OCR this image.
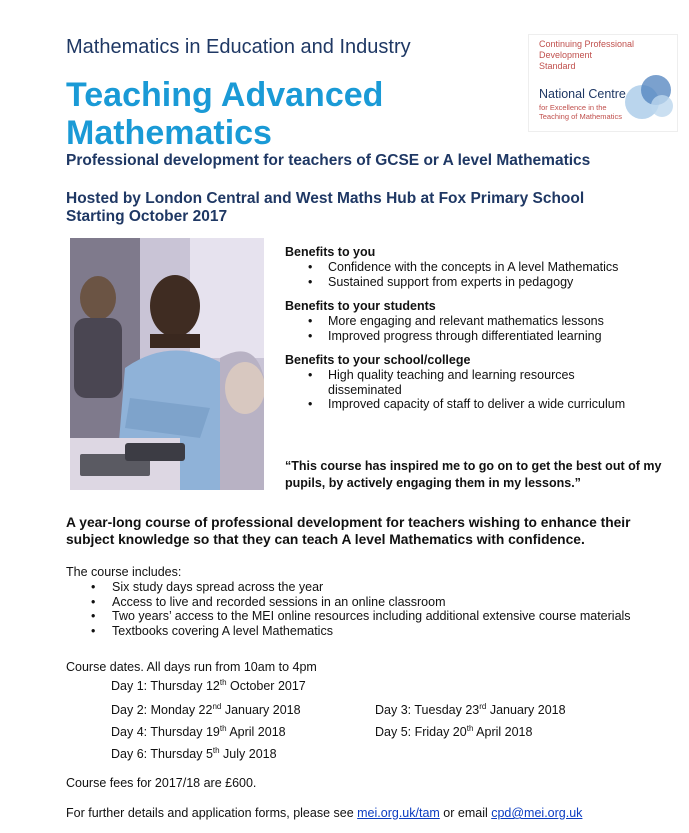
Mathematics in Education and Industry
Teaching Advanced Mathematics
Professional development for teachers of GCSE or A level Mathematics
Hosted by London Central and West Maths Hub at Fox Primary School
Starting October 2017
Continuing Professional
Development
Standard
National Centre
for Excellence in the
Teaching of Mathematics

Benefits to you

• Confidence with the concepts in A level Mathematics
• Sustained support from experts in pedagogy

Benefits to your students

• More engaging and relevant mathematics lessons
• Improved progress through differentiated learning

Benefits to your school/college

• High quality teaching and learning resources disseminated
• Improved capacity of staff to deliver a wide curriculum
“This course has inspired me to go on to get the best out of my pupils, by actively engaging them in my lessons.”
A year-long course of professional development for teachers wishing to enhance their subject knowledge so that they can teach A level Mathematics with confidence.
The course includes:
• Six study days spread across the year
• Access to live and recorded sessions in an online classroom
• Two years’ access to the MEI online resources including additional extensive course materials
• Textbooks covering A level Mathematics
Course dates. All days run from 10am to 4pm
Day 1: Thursday 12th October 2017
Day 2: Monday 22nd January 2018	Day 3: Tuesday 23rd January 2018
Day 4: Thursday 19th April 2018	Day 5: Friday 20th April 2018
Day 6: Thursday 5th July 2018
Course fees for 2017/18 are £600.
For further details and application forms, please see mei.org.uk/tam or email cpd@mei.org.uk
